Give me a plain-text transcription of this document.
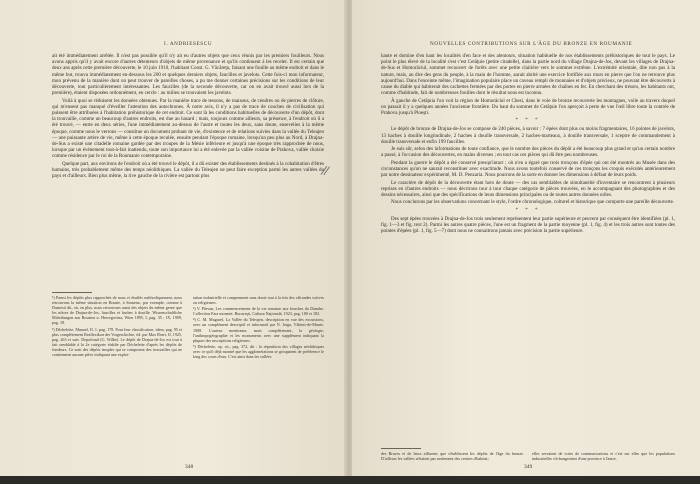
I. ANDRIESESCU

ait été immédiatement arrêtée. Il n'est pas possible qu'il n'y ait eu d'autres objets que ceux réunis par les premiers fouilleurs. Nous avons appris qu'il y avait encore d'autres détenteurs d'objets de même provenance et qu'ils continuent à les receler. Il est certain que deux ans après cette première découverte, le 10 juin 1910, l'habitant Const. G. Văcăreţu, faisant une fouille au même endroit et dans le même but, trouva immédiatement en-dessous les 200 et quelques derniers objets, faucilles et javelots. Cette fois-ci mon informateur, mon prévenu de la manière dont on peut trouver de pareilles choses, a pu me donner certaines précisions sur les conditions de leur découverte, tout particulièrement intéressantes. Les faucilles (de la seconde découverte, car on en avait trouvé aussi lors de la première), étaient disposées ordonnément, en cercle : au milieu se trouvaient les javelots.

Voilà à quoi se réduisent les données obtenues. Par la manière trace de tessons, de maisons, de cendres ou de pierres de clôture, qui m'ensent pas manqué d'éveiller l'attention des autochtones. À notre avis, il n'y a pas de trace de couches de civilisation qui puissent être attribuées à l'habitation préhistorique de cet endroit. Ce sont là les conditions habituelles de découverte d'un dépôt, dont la trouvaille, comme un beaucoup d'autres endroits, est due au hasard ; mais, toujours comme ailleurs, sa présence, à l'endroit où il a été trouvé, — entre en deux séries, l'une immédiatement au-dessus de l'autre et toutes les deux, sans doute, ensevelies à la même époque, comme nous le verrons — constitue un document probant de vie, d'existence et de relations suivies dans la vallée du Teleajen — une puissante artère de vie, même à cette époque reculée, ensuite pendant l'époque romaine, lorsqu'un peu plus au Nord, à Drajna-de-Sus a existé une citadelle romaine gardée par des troupes de la Mésie inférieure et jusqu'à une époque très rapprochée de nous, lorsque par un événement tout-à-fait inattendu, toute son importance lui a été enlevée par la vallée voisine de Prahova, vallée choisie comme résidence par le roi de la Roumanie contemporaine.

Quelque part, aux environs de l'endroit où a été trouvé le dépôt, il a dû exister des établissements destinés à la cohabitation d'êtres humains, très probablement même des temps néolithiques. La vallée du Teleajen ne peut faire exception parmi les autres vallées du pays et d'ailleurs. Bien plus même, la rive gauche de la rivière est partout plus

¹) Parmi les dépôts plus rapprochés de nous et étudiés méthodiquement, nous retrouvons la même situation en Bosnie, à Sumetac, par exemple, comme à Dumesti dit, où, en plus, nous retrouvons aussi des objets du même genre que les nôtres de Drajna-de-Jos, faucilles et haches à douille. Wissenschaftliche Mitteilungen aus Bosnien u. Hercegovina, Wien 1895, I, pag. 35 ; IX, 1909, pag. 18.

²) Déchelette, Manuel, II, 1, pag. 178. Pour leur classification, idem, pag. 95 et plus complètement Reallexikon der Vorgeschichte, éd. par Max Ebert, II, 1925, pag. 263 et suiv. Depotfund (G. Wilke). Le dépôt de Drajna-de-Jos est tout à fait semblable à la 2e catégorie établie par Déchelette d'après les dépôts de fondeurs. Ce sont des dépôts simples qui se composent des trouvailles qui ne contiennent aucune pièce indiquant une exploi-

tation industrielle et comprennent sans doute tout à la fois des offrandes votives ou religieuses.

³) V. Pârvan, Les commencements de la vie romaine aux bouches du Danube. Collection Fara monetei. Bucureşti, Cultura Naţională, 1923, pag. 180 et 182.

⁴) C. M. Mugurel, La Vallée du Teleajen, description en vue des excursions, avec un complément descriptif et informatif par N. Iorga, Vălenii-de-Munte, 1908. L'auteur mentionne, mais complètement, la géologie, l'anthropogéographie et les monuments avec une supplément indiquant la plupart des inscriptions religieuses.

⁵) Déchelette, op. cit., pag. 372, dit : la répartition des villages néolithiques avec ce qu'il déjà montré que les agglomérations se groupaient de préférence le long des cours d'eau. C'est ainsi dans les vallées

348
NOUVELLES CONTRIBUTIONS SUR L'ÂGE DU BRONZE EN ROUMANIE

haute et domine d'en haut les localités d'en face et des alentours, situation habituelle de nos établissements préhistoriques de tout le pays. Le point le plus élevé de la localité s'est c'est Cetăţuie (petite citadelle), dans la partie nord du village Drajna-de-Jos, devant les villages de Drajna-de-Sus et Homorâciul, sommet recouvert de forêts avec une petite clairière vers le sommet extrême. L'extrémité orientale, dite non pas à la nature, mais, au dire des gens du peuple, à la main de l'homme, aurait abrité une exercice fortifiée aux murs en pierre que l'on ne retrouve plus aujourd'hui. Dans l'enceinte même, l'imagination populaire place un caveau rempli de monnaies et d'objets précieux, ne pouvant être découverts à cause du diable qui habiterait des cachettes fermées par des portes en pierre armées de chaînes en fer. En cherchant des trésors, les habitants ont, comme d'habitude, fait de nombreuses fouilles dont le résultat nous est inconnu.

À gauche de Cetăţuia l'on voit la région de Homorâciul et Chesi, dans le voie de bronze recouverte les montagnes, voile au travers duquel on passait il y a quelques années l'ancienne frontière. Du haut du sommet de Cetăţuie l'on aperçoit à perte de vue l'œil libre toute la contrée de Prahova jusqu'à Ploeşti.

* * *

Le dépôt de bronze de Drajna-de-Jos se compose de 240 pièces, à savoir : 7 épées dont plus ou moins fragmentaires, 16 pointes de javelots, 13 haches à douille longitudinale, 2 haches à douille transversale, 2 haches-marteaux, à douille transversale, 1 sceptre de commandement à douille transversale et enfin 199 faucilles.

Je suis sûr, selon des informations de toute confiance, que le nombre des pièces du dépôt a été beaucoup plus grand et qu'un certain nombre a passé, à l'occasion des découvertes, en mains diverses ; en tout cas ces pièces qui dû être peu nombreuses.

Pendant la guerre le dépôt a été conservé presqu'intact ; où n'en a égaré que trois tronçons d'épée qui ont été montrés au Musée dans des circonstances qu'on ne saurait reconstituer avec exactitude. Nous avons toutefois conservé de ces tronçons les croquis exécutés antérieurement par notre dessinateur expérimenté, M. D. Penzaria. Nous pourrons de la sorte en donner les dimensions à défaut de leurs poids.

Le caractère de dépôt de la découverte étant hors de doute — des cas semblables de simultanéité d'inventaire se rencontrent à plusieurs reprises en d'autres endroits — nous décrirons tour à tour chaque catégorie de pièces trouvées, en le accompagnant des photographies et des dessins nécessaires, ainsi que des spécifications de leurs dimensions principales ou de toutes autres données utiles.

Nous conclurons par les observations concernant le style, l'ordre chronologique, culturel et historique que comporte une pareille découverte.

* * *

Des sept épées trouvées à Drajna-de-Jos trois seulement représentent leur partie supérieure et peuvent par conséquent être identifiées (pl. 1, fig. 1—3 et fig. text 2). Parmi les autres quatre pièces, l'une est un fragment de la partie moyenne (pl. 1, fig. 4) et les trois autres sont toutes des pointes d'épées (pl. 1, fig. 5—7) dont nous ne connaitrons jamais avec précision la partie supérieure.

des Bruces et de leurs affluents que s'établissent les dépôts de l'âge du bronze. D'ailleurs les vallées n'étaient pas seulement des centres d'habitat;

elles servaient de voies de communications et c'est sur elles que les populations industrielles s'échangeaient d'une province à l'autre.

349
//
